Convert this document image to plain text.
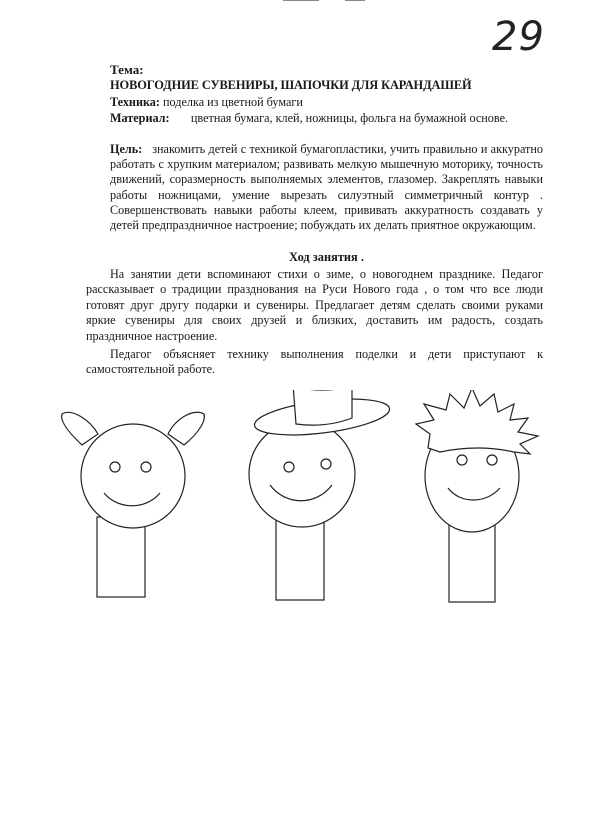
29
Тема:
НОВОГОДНИЕ СУВЕНИРЫ, ШАПОЧКИ ДЛЯ КАРАНДАШЕЙ
Техника: поделка из цветной бумаги
Материал: цветная бумага, клей, ножницы, фольга на бумажной основе.
Цель: знакомить детей с техникой бумагопластики, учить правильно и аккуратно работать с хрупким материалом; развивать мелкую мышечную моторику, точность движений, соразмерность выполняемых элементов, глазомер. Закреплять навыки работы ножницами, умение вырезать силуэтный симметричный контур . Совершенствовать навыки работы клеем, прививать аккуратность создавать у детей предпраздничное настроение; побуждать их делать приятное окружающим.
Ход занятия .
На занятии дети вспоминают стихи о зиме, о новогоднем празднике. Педагог рассказывает о традиции празднования на Руси Нового года , о том что все люди готовят друг другу подарки и сувениры. Предлагает детям сделать своими руками яркие сувениры для своих друзей и близких, доставить им радость, создать праздничное настроение.
Педагог объясняет технику выполнения поделки и дети приступают к самостоятельной работе.
